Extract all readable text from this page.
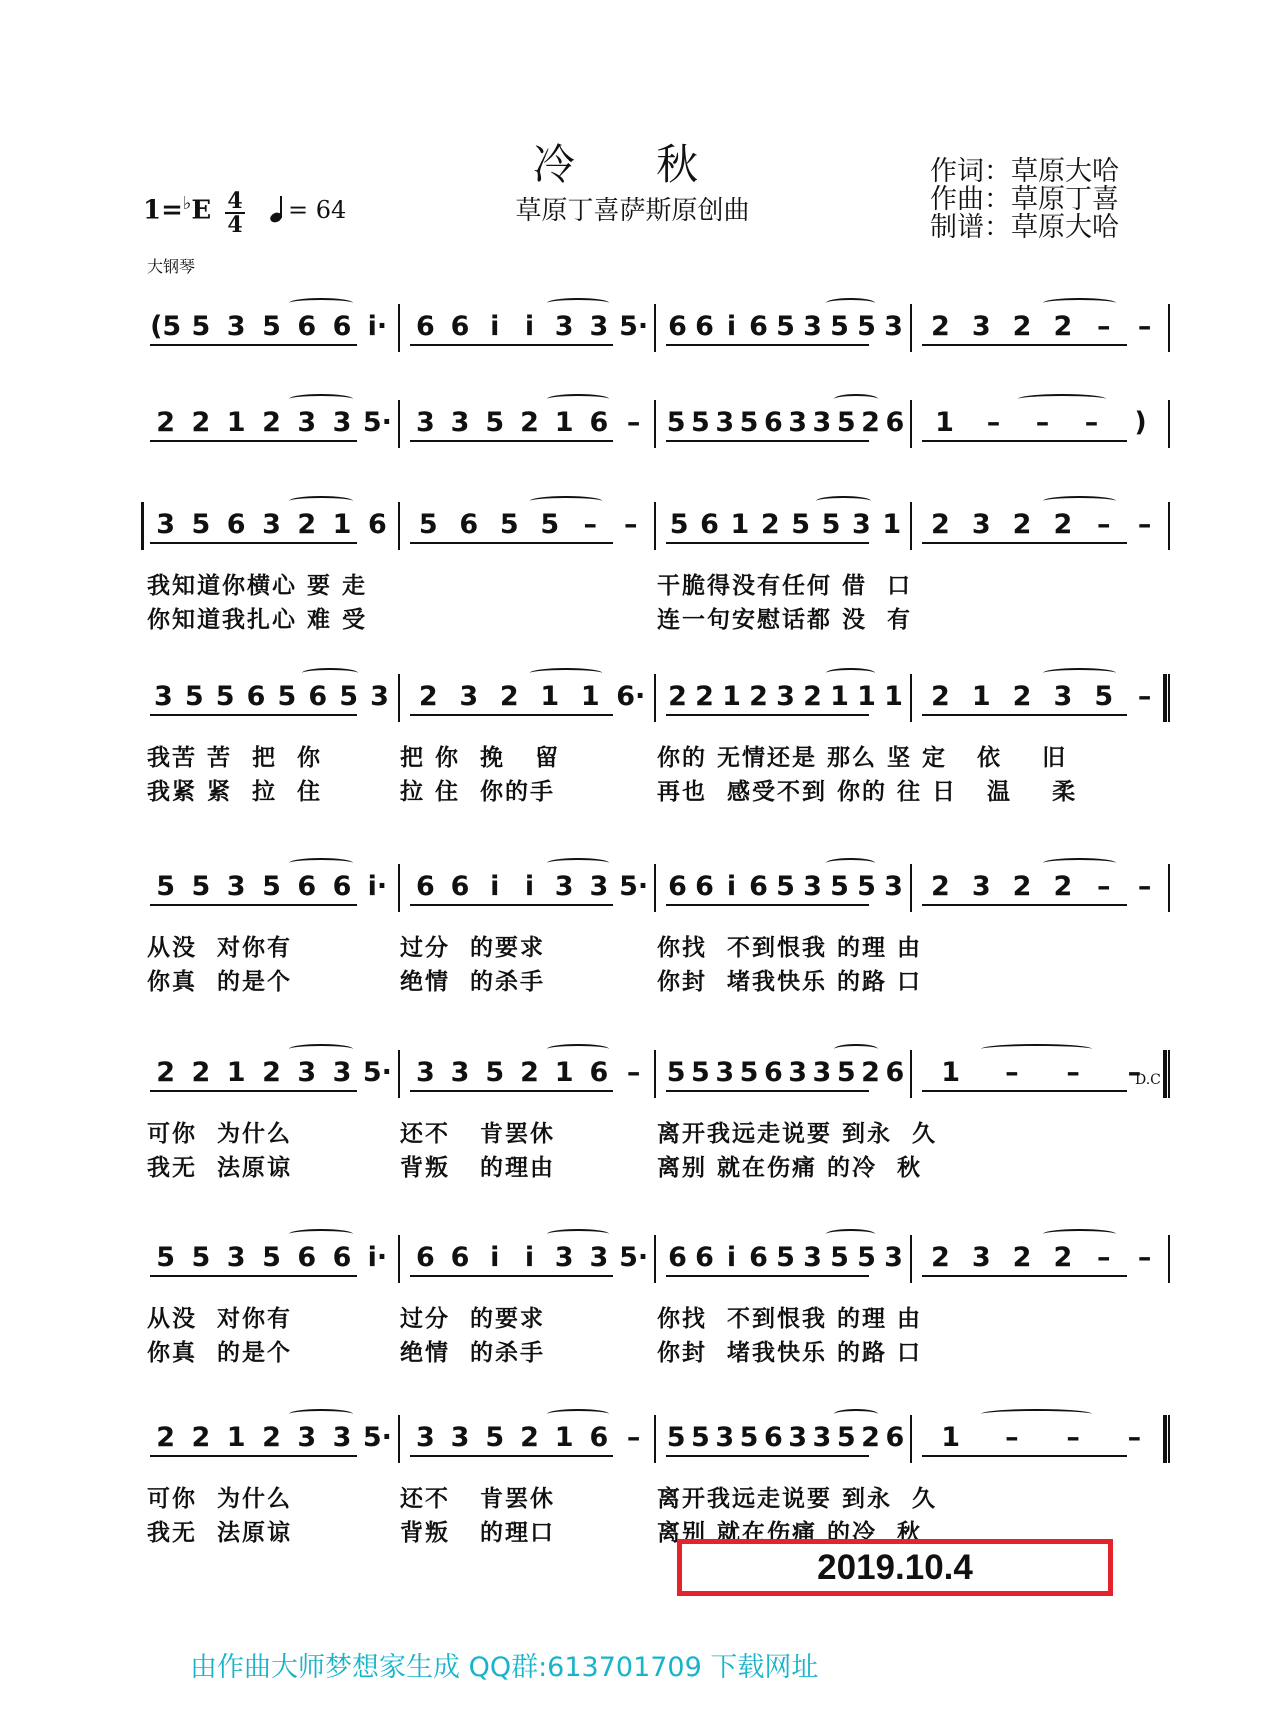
冷 秋
草原丁喜萨斯原创曲
作词：草原大哈
作曲：草原丁喜
制谱：草原大哈
1=♭E 4
4
= 64
大钢琴
(5 5 3 5 6 6 i· 6 6 i i 3 3 5· 6 6 i 6 5 3 5 5 3 2 3 2 2 – –
2 2 1 2 3 3 5· 3 3 5 2 1 6 – 5 5 3 5 6 3 3 5 2 6 1 – – – )
3 5 6 3 2 1 6 5 6 5 5 – – 5 6 1 2 5 5 3 1 2 3 2 2 – –
我知道你横心 要 走	干脆得没有任何 借  口
你知道我扎心 难 受	连一句安慰话都 没  有
3 5 5 6 5 6 5 3 2 3 2 1 1 6· 2 2 1 2 3 2 1 1 1 2 1 2 3 5 –
我苦 苦  把  你	把 你  挽   留	你的 无情还是 那么 坚 定   依    旧
我紧 紧  拉  住	拉 住  你的手	再也  感受不到 你的 往 日   温    柔
5 5 3 5 6 6 i· 6 6 i i 3 3 5· 6 6 i 6 5 3 5 5 3 2 3 2 2 – –
从没  对你有	过分  的要求	你找  不到恨我 的理 由
你真  的是个	绝情  的杀手	你封  堵我快乐 的路 口
2 2 1 2 3 3 5· 3 3 5 2 1 6 – 5 5 3 5 6 3 3 5 2 6 1 – – –
可你  为什么	还不   肯罢休	离开我远走说要 到永  久
我无  法原谅	背叛   的理由	离别 就在伤痛 的冷  秋
5 5 3 5 6 6 i· 6 6 i i 3 3 5· 6 6 i 6 5 3 5 5 3 2 3 2 2 – –
从没  对你有	过分  的要求	你找  不到恨我 的理 由
你真  的是个	绝情  的杀手	你封  堵我快乐 的路 口
2 2 1 2 3 3 5· 3 3 5 2 1 6 – 5 5 3 5 6 3 3 5 2 6 1 – – –
可你  为什么	还不   肯罢休	离开我远走说要 到永  久
我无  法原谅	背叛   的理口	离别 就在伤痛 的冷  秋
D.C
2019.10.4
由作曲大师梦想家生成 QQ群:613701709 下载网址
